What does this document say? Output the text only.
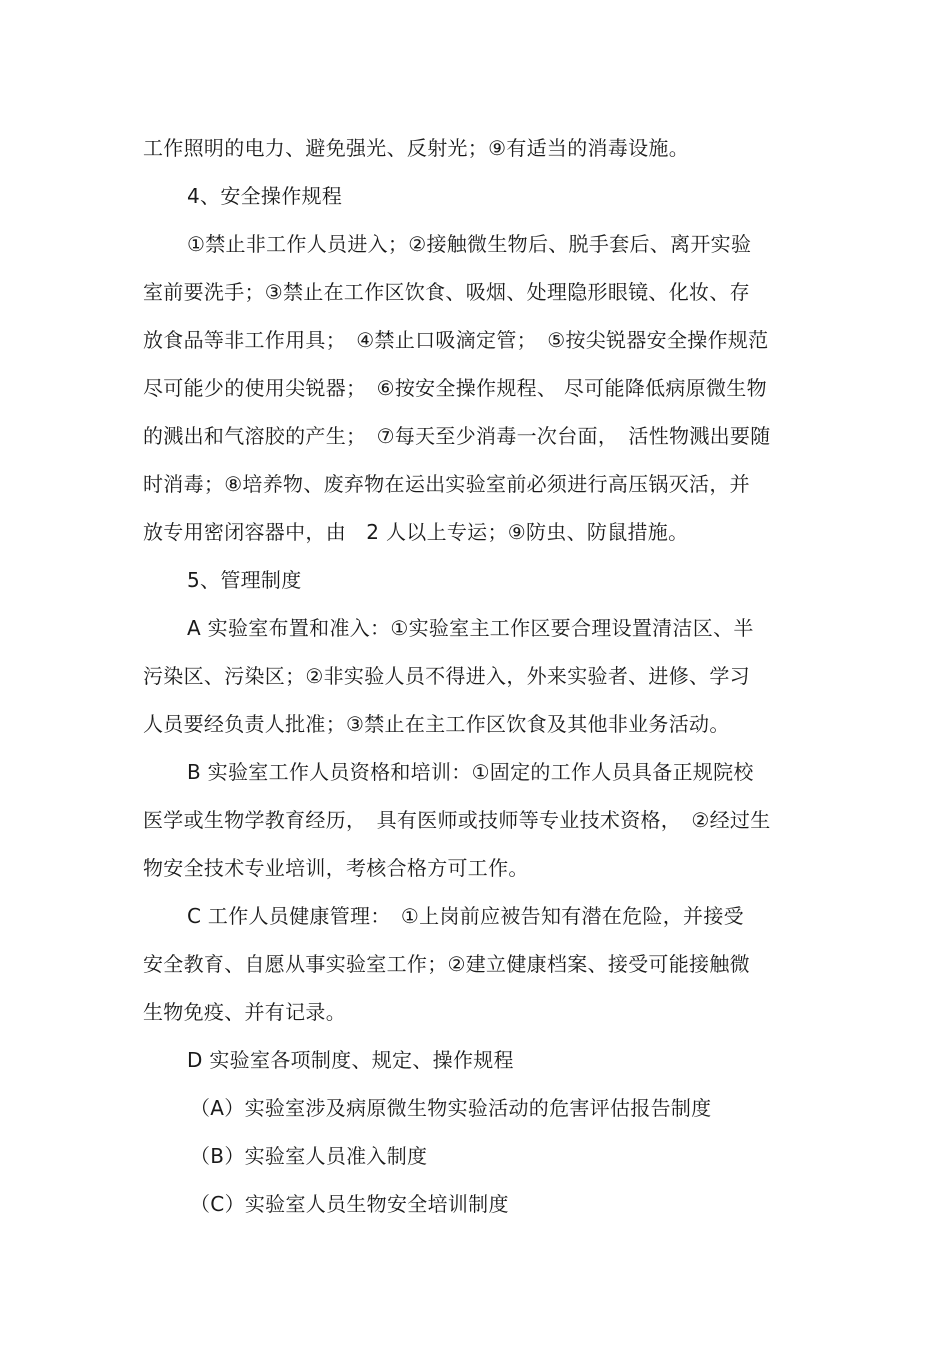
工作照明的电力、避免强光、反射光；⑨有适当的消毒设施。
4、安全操作规程
①禁止非工作人员进入；②接触微生物后、脱手套后、离开实验
室前要洗手；③禁止在工作区饮食、吸烟、处理隐形眼镜、化妆、存
放食品等非工作用具；　④禁止口吸滴定管；　⑤按尖锐器安全操作规范
尽可能少的使用尖锐器；　⑥按安全操作规程、 尽可能降低病原微生物
的溅出和气溶胶的产生；　⑦每天至少消毒一次台面，　活性物溅出要随
时消毒；⑧培养物、废弃物在运出实验室前必须进行高压锅灭活，并
放专用密闭容器中，由　2 人以上专运；⑨防虫、防鼠措施。
5、管理制度
A 实验室布置和准入：①实验室主工作区要合理设置清洁区、半
污染区、污染区；②非实验人员不得进入，外来实验者、进修、学习
人员要经负责人批准；③禁止在主工作区饮食及其他非业务活动。
B 实验室工作人员资格和培训：①固定的工作人员具备正规院校
医学或生物学教育经历，　具有医师或技师等专业技术资格，　②经过生
物安全技术专业培训，考核合格方可工作。
C 工作人员健康管理：　①上岗前应被告知有潜在危险，并接受
安全教育、自愿从事实验室工作；②建立健康档案、接受可能接触微
生物免疫、并有记录。
D 实验室各项制度、规定、操作规程
（A）实验室涉及病原微生物实验活动的危害评估报告制度
（B）实验室人员准入制度
（C）实验室人员生物安全培训制度
